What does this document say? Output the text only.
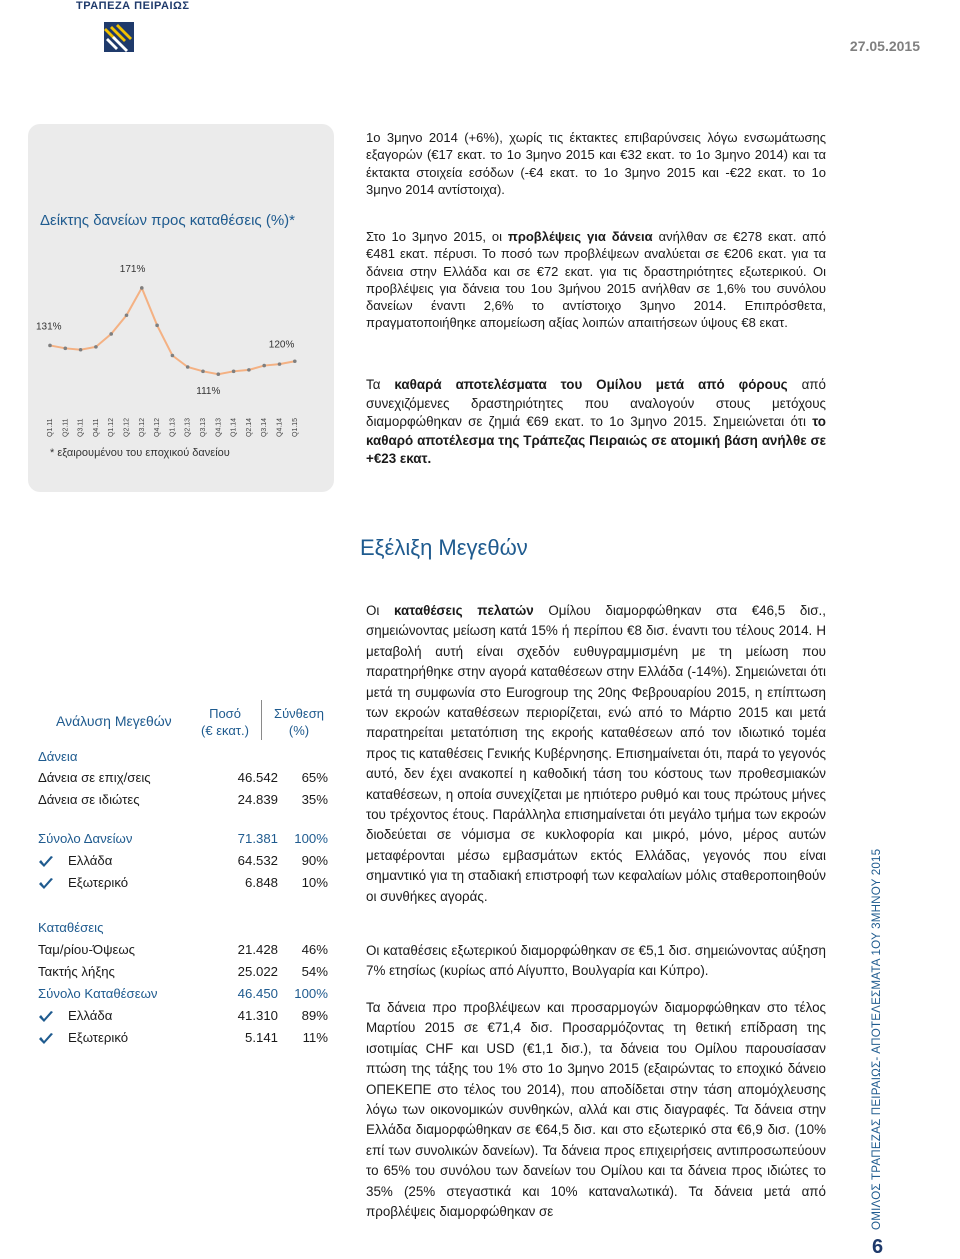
ΤΡΑΠΕΖΑ ΠΕΙΡΑΙΩΣ
27.05.2015
Δείκτης δανείων προς καταθέσεις (%)*
Q1.11 Q2.11 Q3.11 Q4.11 Q1.12 Q2.12 Q3.12 Q4.12 Q1.13 Q2.13 Q3.13 Q4.13 Q1.14 Q2.14 Q3.14 Q4.14 Q1.15
131%
171%
111%
120%
* εξαιρουμένου του εποχικού δανείου
1ο 3μηνο 2014 (+6%), χωρίς τις έκτακτες επιβαρύνσεις λόγω ενσωμάτωσης εξαγορών (€17 εκατ. το 1ο 3μηνο 2015 και €32 εκατ. το 1ο 3μηνο 2014) και τα έκτακτα στοιχεία εσόδων (-€4 εκατ. το 1ο 3μηνο 2015 και -€22 εκατ. το 1ο 3μηνο 2014 αντίστοιχα).
Στο 1ο 3μηνο 2015, οι προβλέψεις για δάνεια ανήλθαν σε €278 εκατ. από €481 εκατ. πέρυσι. Το ποσό των προβλέψεων αναλύεται σε €206 εκατ. για τα δάνεια στην Ελλάδα και σε €72 εκατ. για τις δραστηριότητες εξωτερικού. Οι προβλέψεις για δάνεια του 1ου 3μήνου 2015 ανήλθαν σε 1,6% του συνόλου δανείων έναντι 2,6% το αντίστοιχο 3μηνο 2014. Επιπρόσθετα, πραγματοποιήθηκε απομείωση αξίας λοιπών απαιτήσεων ύψους €8 εκατ.
Τα καθαρά αποτελέσματα του Ομίλου μετά από φόρους από συνεχιζόμενες δραστηριότητες που αναλογούν στους μετόχους διαμορφώθηκαν σε ζημιά €69 εκατ. το 1ο 3μηνο 2015. Σημειώνεται ότι το καθαρό αποτέλεσμα της Τράπεζας Πειραιώς σε ατομική βάση ανήλθε σε +€23 εκατ.
Εξέλιξη Μεγεθών
Οι καταθέσεις πελατών Ομίλου διαμορφώθηκαν στα €46,5 δισ., σημειώνοντας μείωση κατά 15% ή περίπου €8 δισ. έναντι του τέλους 2014. Η μεταβολή αυτή είναι σχεδόν ευθυγραμμισμένη με τη μείωση που παρατηρήθηκε στην αγορά καταθέσεων στην Ελλάδα (-14%). Σημειώνεται ότι μετά τη συμφωνία στο Eurogroup της 20ης Φεβρουαρίου 2015, η επίπτωση των εκροών καταθέσεων περιορίζεται, ενώ από το Μάρτιο 2015 και μετά παρατηρείται μετατόπιση της εκροής καταθέσεων από τον ιδιωτικό τομέα προς τις καταθέσεις Γενικής Κυβέρνησης. Επισημαίνεται ότι, παρά το γεγονός αυτό, δεν έχει ανακοπεί η καθοδική τάση του κόστους των προθεσμιακών καταθέσεων, η οποία συνεχίζεται με ηπιότερο ρυθμό και τους πρώτους μήνες του τρέχοντος έτους. Παράλληλα επισημαίνεται ότι μεγάλο τμήμα των εκροών διοδεύεται σε νόμισμα σε κυκλοφορία και μικρό, μόνο, μέρος αυτών μεταφέρονται μέσω εμβασμάτων εκτός Ελλάδας, γεγονός που είναι σημαντικό για τη σταδιακή επιστροφή των κεφαλαίων μόλις σταθεροποιηθούν οι συνθήκες αγοράς.
Οι καταθέσεις εξωτερικού διαμορφώθηκαν σε €5,1 δισ. σημειώνοντας αύξηση 7% ετησίως (κυρίως από Αίγυπτο, Βουλγαρία και Κύπρο).
Τα δάνεια προ προβλέψεων και προσαρμογών διαμορφώθηκαν στο τέλος Μαρτίου 2015 σε €71,4 δισ. Προσαρμόζοντας τη θετική επίδραση της ισοτιμίας CHF και USD (€1,1 δισ.), τα δάνεια του Ομίλου παρουσίασαν πτώση της τάξης του 1% στο 1ο 3μηνο 2015 (εξαιρώντας το εποχικό δάνειο ΟΠΕΚΕΠΕ στο τέλος του 2014), που αποδίδεται στην τάση απομόχλευσης λόγω των οικονομικών συνθηκών, αλλά και στις διαγραφές. Τα δάνεια στην Ελλάδα διαμορφώθηκαν σε €64,5 δισ. και στο εξωτερικό στα €6,9 δισ. (10% επί των συνολικών δανείων). Τα δάνεια προς επιχειρήσεις αντιπροσωπεύουν το 65% του συνόλου των δανείων του Ομίλου και τα δάνεια προς ιδιώτες το 35% (25% στεγαστικά και 10% καταναλωτικά). Τα δάνεια μετά από προβλέψεις διαμορφώθηκαν σε
Ανάλυση Μεγεθών	Ποσό
(€ εκατ.)
Σύνθεση
(%)
Δάνεια
Δάνεια σε επιχ/σεις	46.542	65%
Δάνεια σε ιδιώτες	24.839	35%
Σύνολο Δανείων	71.381	100%
Ελλάδα	64.532	90%
Εξωτερικό	6.848	10%
Καταθέσεις
Ταμ/ρίου-Όψεως	21.428	46%
Τακτής λήξης	25.022	54%
Σύνολο Καταθέσεων	46.450	100%
Ελλάδα	41.310	89%
Εξωτερικό	5.141	11%	ΟΜΙΛΟΣ ΤΡΑΠΕΖΑΣ ΠΕΙΡΑΙΩΣ- ΑΠΟΤΕΛΕΣΜΑΤΑ 1ΟΥ 3ΜΗΝΟΥ 2015
6
